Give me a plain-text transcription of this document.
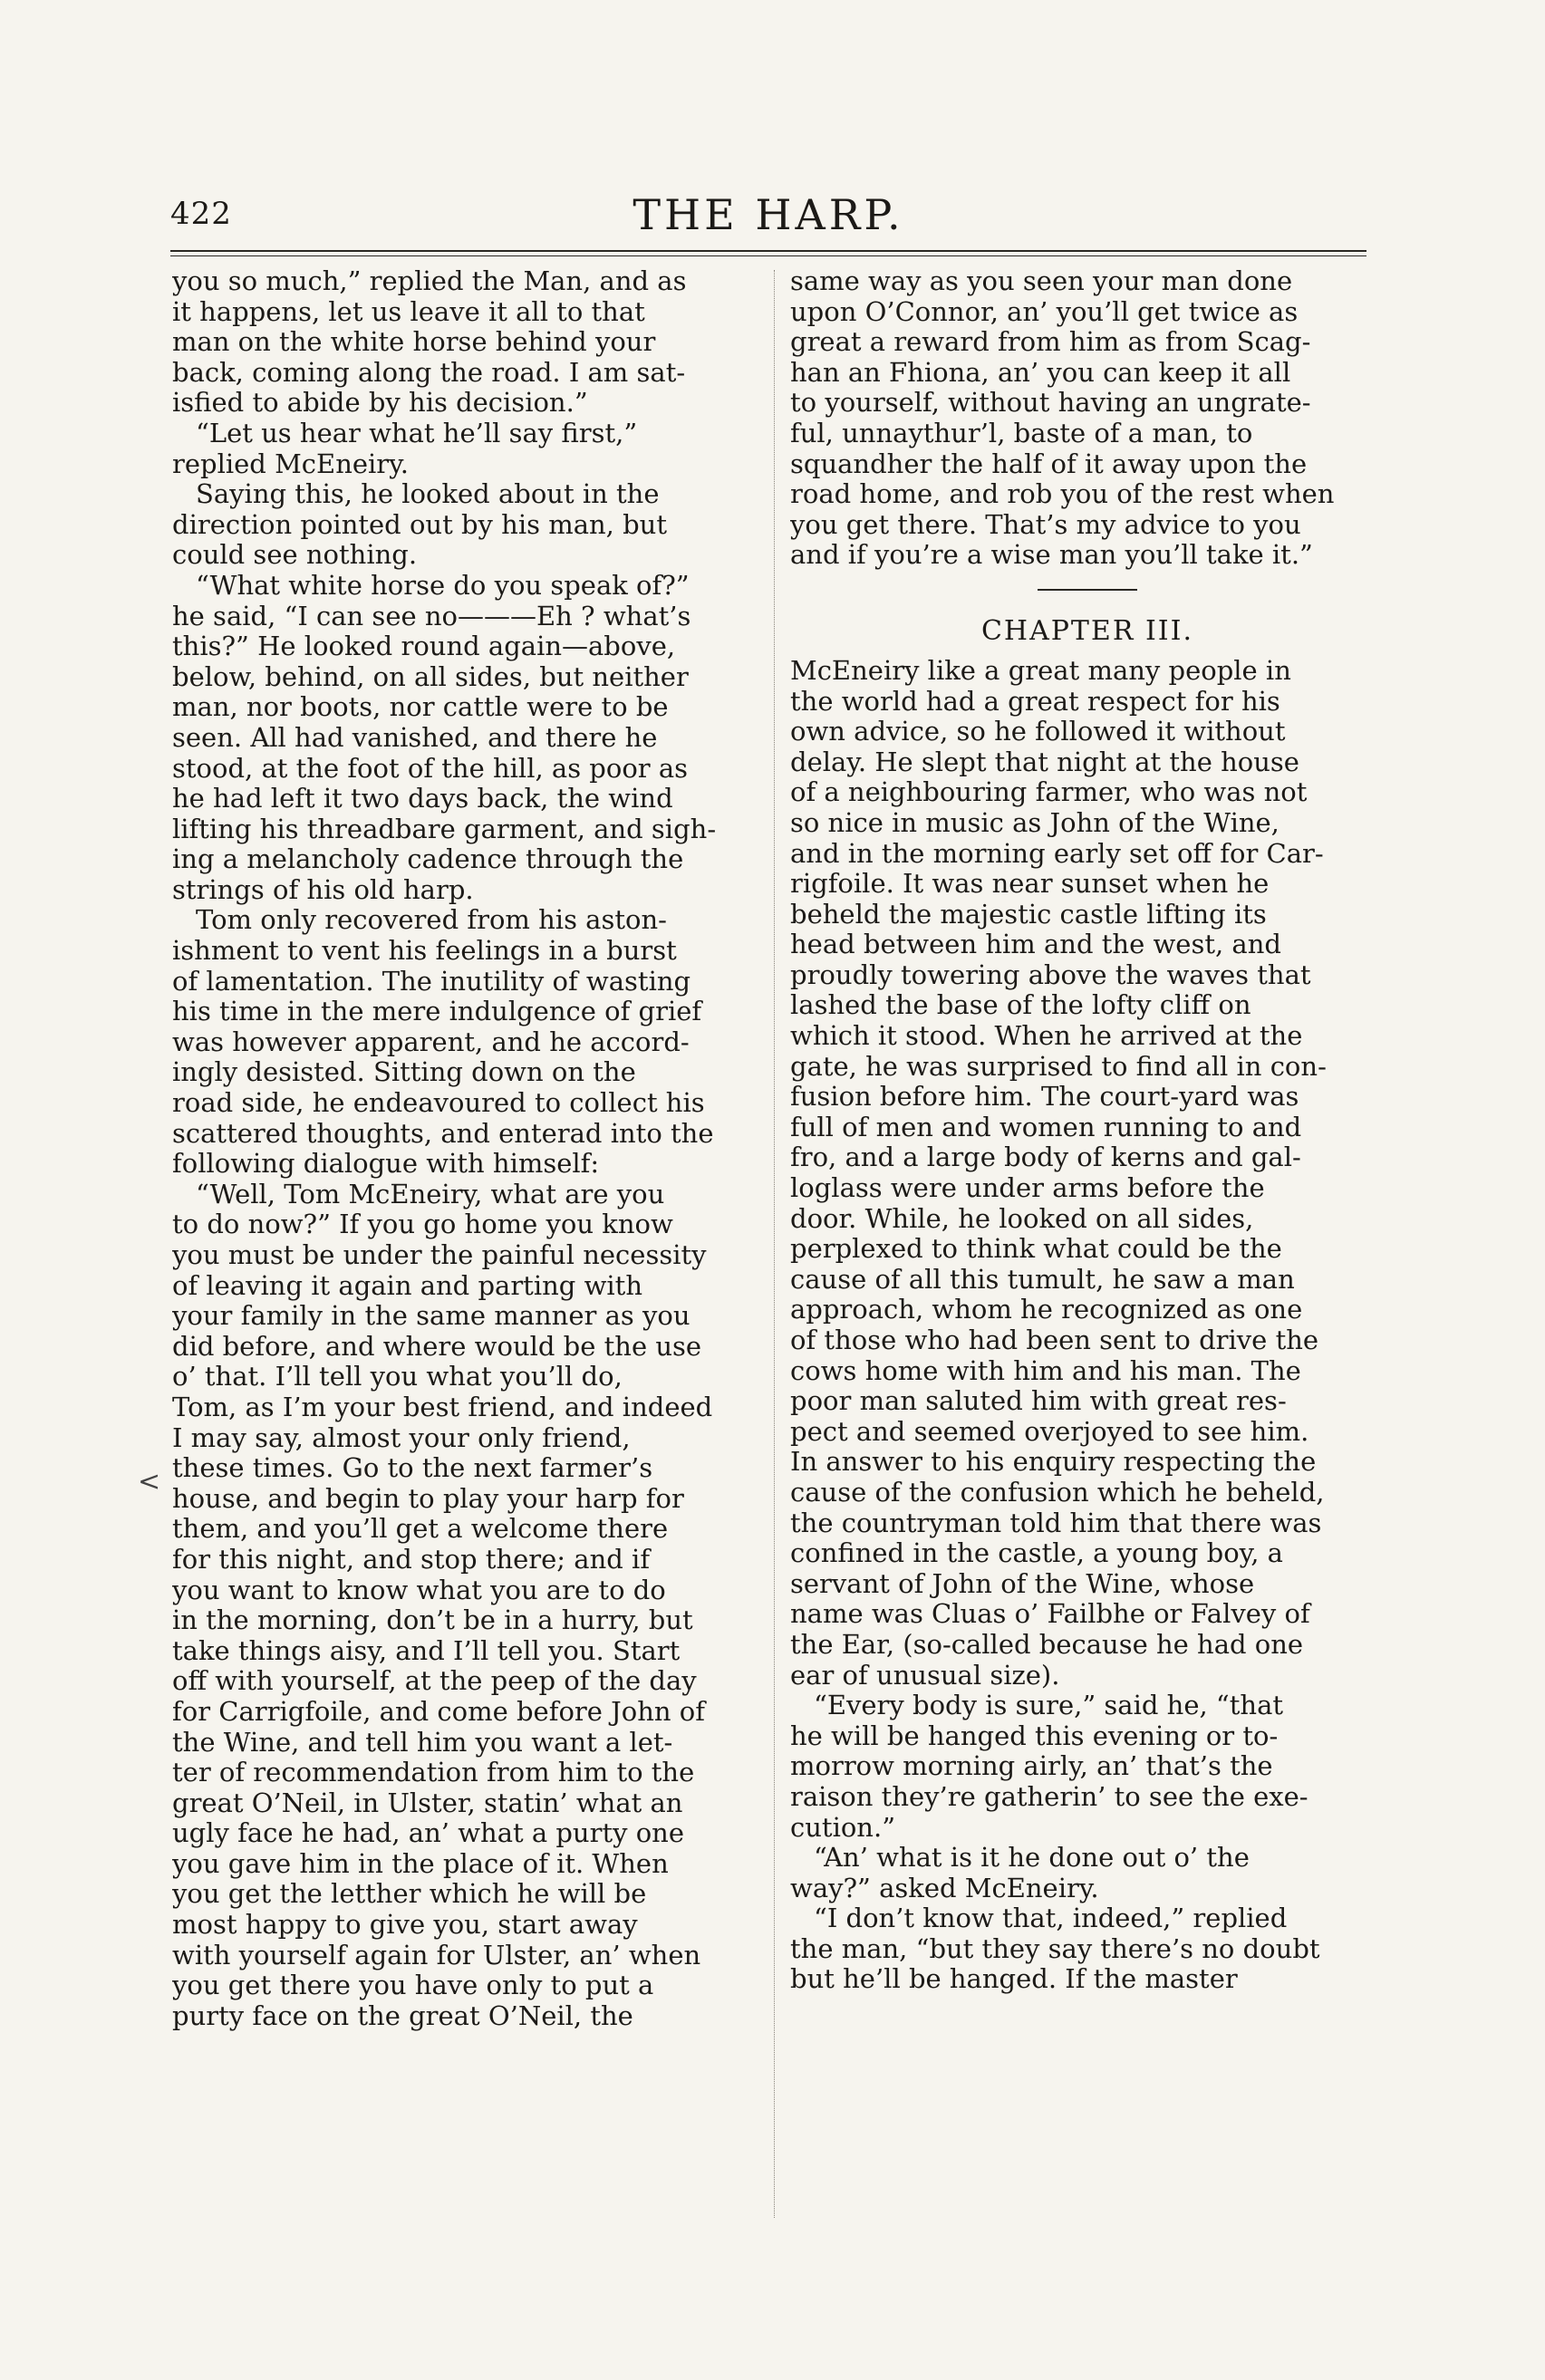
422	THE HARP.
you so much,” replied the Man, and as
it happens, let us leave it all to that
man on the white horse behind your
back, coming along the road. I am sat-
isfied to abide by his decision.”
“Let us hear what he’ll say first,”
replied McEneiry.
Saying this, he looked about in the
direction pointed out by his man, but
could see nothing.
“What white horse do you speak of?”
he said, “I can see no———Eh ? what’s
this?” He looked round again—above,
below, behind, on all sides, but neither
man, nor boots, nor cattle were to be
seen. All had vanished, and there he
stood, at the foot of the hill, as poor as
he had left it two days back, the wind
lifting his threadbare garment, and sigh-
ing a melancholy cadence through the
strings of his old harp.
Tom only recovered from his aston-
ishment to vent his feelings in a burst
of lamentation. The inutility of wasting
his time in the mere indulgence of grief
was however apparent, and he accord-
ingly desisted. Sitting down on the
road side, he endeavoured to collect his
scattered thoughts, and enterad into the
following dialogue with himself:
“Well, Tom McEneiry, what are you
to do now?” If you go home you know
you must be under the painful necessity
of leaving it again and parting with
your family in the same manner as you
did before, and where would be the use
o’ that. I’ll tell you what you’ll do,
Tom, as I’m your best friend, and indeed
I may say, almost your only friend,
these times. Go to the next farmer’s
house, and begin to play your harp for
them, and you’ll get a welcome there
for this night, and stop there; and if
you want to know what you are to do
in the morning, don’t be in a hurry, but
take things aisy, and I’ll tell you. Start
off with yourself, at the peep of the day
for Carrigfoile, and come before John of
the Wine, and tell him you want a let-
ter of recommendation from him to the
great O’Neil, in Ulster, statin’ what an
ugly face he had, an’ what a purty one
you gave him in the place of it. When
you get the letther which he will be
most happy to give you, start away
with yourself again for Ulster, an’ when
you get there you have only to put a
purty face on the great O’Neil, the
same way as you seen your man done
upon O’Connor, an’ you’ll get twice as
great a reward from him as from Scag-
han an Fhiona, an’ you can keep it all
to yourself, without having an ungrate-
ful, unnaythur’l, baste of a man, to
squandher the half of it away upon the
road home, and rob you of the rest when
you get there. That’s my advice to you
and if you’re a wise man you’ll take it.”
CHAPTER III.
McEneiry like a great many people in
the world had a great respect for his
own advice, so he followed it without
delay. He slept that night at the house
of a neighbouring farmer, who was not
so nice in music as John of the Wine,
and in the morning early set off for Car-
rigfoile. It was near sunset when he
beheld the majestic castle lifting its
head between him and the west, and
proudly towering above the waves that
lashed the base of the lofty cliff on
which it stood. When he arrived at the
gate, he was surprised to find all in con-
fusion before him. The court-yard was
full of men and women running to and
fro, and a large body of kerns and gal-
loglass were under arms before the
door. While, he looked on all sides,
perplexed to think what could be the
cause of all this tumult, he saw a man
approach, whom he recognized as one
of those who had been sent to drive the
cows home with him and his man. The
poor man saluted him with great res-
pect and seemed overjoyed to see him.
In answer to his enquiry respecting the
cause of the confusion which he beheld,
the countryman told him that there was
confined in the castle, a young boy, a
servant of John of the Wine, whose
name was Cluas o’ Failbhe or Falvey of
the Ear, (so-called because he had one
ear of unusual size).
“Every body is sure,” said he, “that
he will be hanged this evening or to-
morrow morning airly, an’ that’s the
raison they’re gatherin’ to see the exe-
cution.”
“An’ what is it he done out o’ the
way?” asked McEneiry.
“I don’t know that, indeed,” replied
the man, “but they say there’s no doubt
but he’ll be hanged. If the master
<
